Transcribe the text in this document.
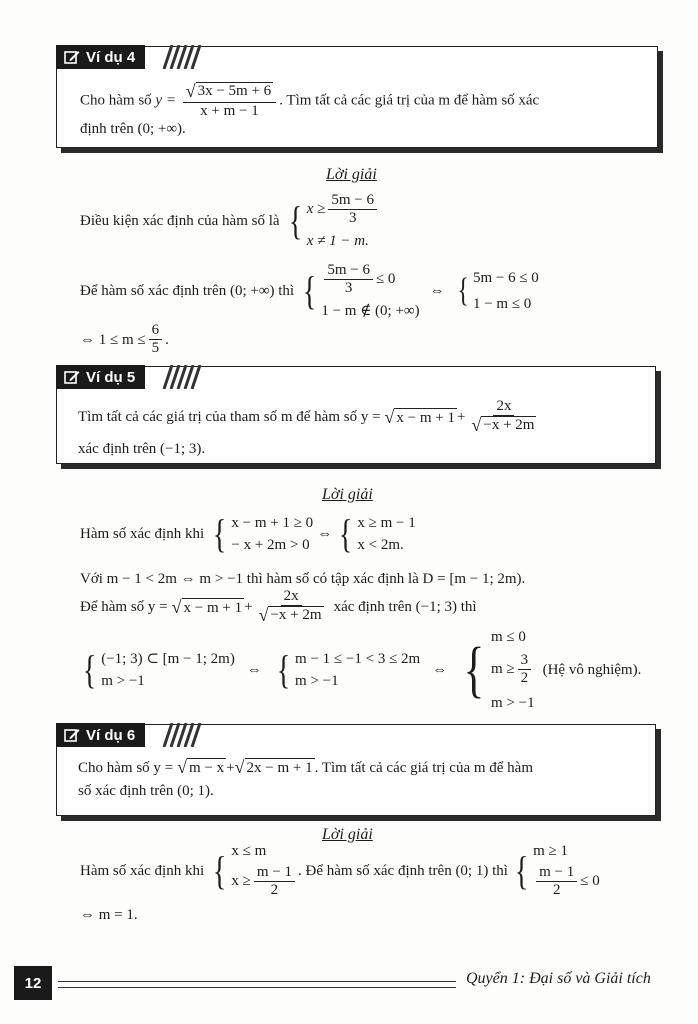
Ví dụ 4
Cho hàm số $y = \frac{√ 3x - 5m + 6}{x + m - 1}$ . Tìm tất cả các giá trị của m để hàm số xác
định trên (0; +∞).
Lời giải
Điều kiện xác định của hàm số là { $x \ge \frac{5m - 6}{3}$
x ≠ 1 − m.
Để hàm số xác định trên (0; +∞) thì { $\frac{5m - 6}{3} \le 0$
1 − m ∉ (0; +∞)
⇔ { 5m − 6 ≤ 0
1 − m ≤ 0
⇔ $1 \le m \le \frac{6}{5}$ .
Ví dụ 5
Tìm tất cả các giá trị của tham số m để hàm số y = √ $x - m + 1 + \frac{2x}{√ -x + 2m}$
xác định trên (−1; 3).
Lời giải
Hàm số xác định khi { x − m + 1 ≥ 0
− x + 2m > 0
⇔ { x ≥ m − 1
x < 2m.
Với m − 1 < 2m ⇔ m > −1 thì hàm số có tập xác định là D = [m − 1; 2m).
Để hàm số y = √ $x - m + 1 + \frac{2x}{√ -x + 2m}$ xác định trên (−1; 3) thì
{ (−1; 3) ⊂ [m − 1; 2m)
m > −1
⇔ { m − 1 ≤ −1 < 3 ≤ 2m
m > −1
⇔ { m ≤ 0
$m \ge \frac{3}{2}$
m > −1
(Hệ vô nghiệm).
Ví dụ 6
Cho hàm số y = √ m − x + √ 2x − m + 1 . Tìm tất cả các giá trị của m để hàm
số xác định trên (0; 1).
Lời giải
Hàm số xác định khi { x ≤ m
$x \ge \frac{m - 1}{2}$ . Để hàm số xác định trên (0; 1) thì { m ≥ 1
$\frac{m - 1}{2} \le 0$
⇔ m = 1.
12	Quyển 1: Đại số và Giải tích
